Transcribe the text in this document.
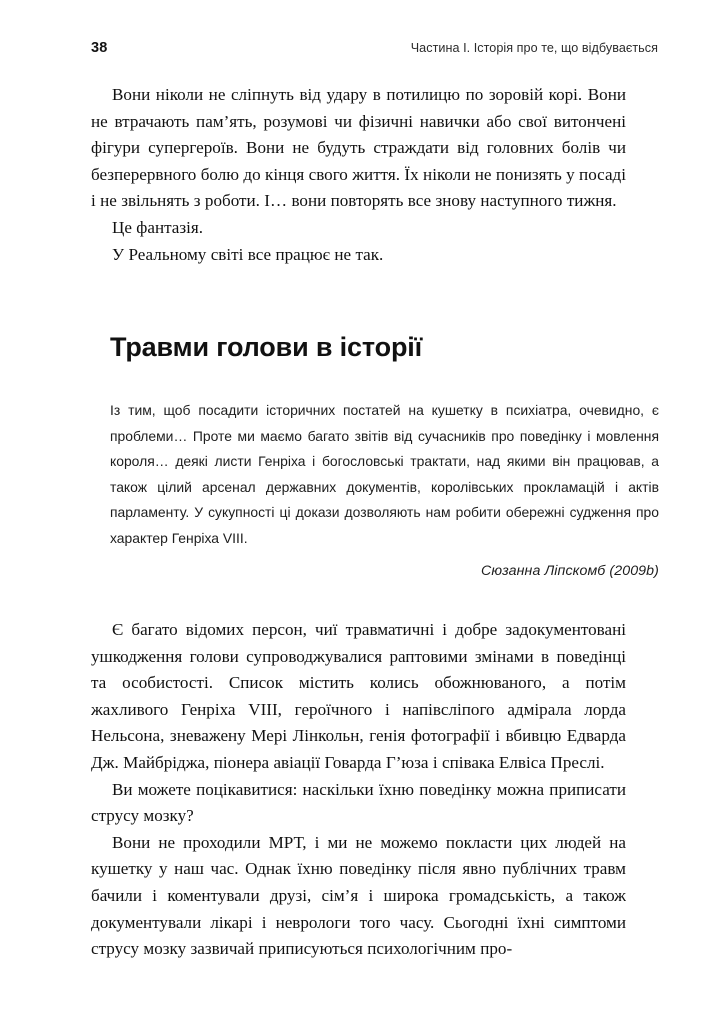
38	Частина I. Історія про те, що відбувається

Вони ніколи не сліпнуть від удару в потилицю по зоровій корі. Вони не втрачають пам’ять, розумові чи фізичні навички або свої витончені фігури супергероїв. Вони не будуть страждати від головних болів чи безперервного болю до кінця свого життя. Їх ніколи не понизять у посаді і не звільнять з роботи. І… вони повторять все знову наступного тижня.

Це фантазія.

У Реальному світі все працює не так.

Травми голови в історії

Із тим, щоб посадити історичних постатей на кушетку в психіатра, очевидно, є проблеми… Проте ми маємо багато звітів від сучасників про поведінку і мовлення короля… деякі листи Генріха і богословські трактати, над якими він працював, а також цілий арсенал державних документів, королівських прокламацій і актів парламенту. У сукупності ці докази дозволяють нам робити обережні судження про характер Генріха VIII.

Сюзанна Ліпскомб (2009b)

Є багато відомих персон, чиї травматичні і добре задокументовані ушкодження голови супроводжувалися раптовими змінами в поведінці та особистості. Список містить колись обожнюваного, а потім жахливого Генріха VIII, героїчного і напівсліпого адмірала лорда Нельсона, зневажену Мері Лінкольн, генія фотографії і вбивцю Едварда Дж. Майбріджа, піонера авіації Говарда Г’юза і співака Елвіса Преслі.

Ви можете поцікавитися: наскільки їхню поведінку можна приписати струсу мозку?

Вони не проходили МРТ, і ми не можемо покласти цих людей на кушетку у наш час. Однак їхню поведінку після явно публічних травм бачили і коментували друзі, сім’я і широка громадськість, а також документували лікарі і неврологи того часу. Сьогодні їхні симптоми струсу мозку зазвичай приписуються психологічним про-
